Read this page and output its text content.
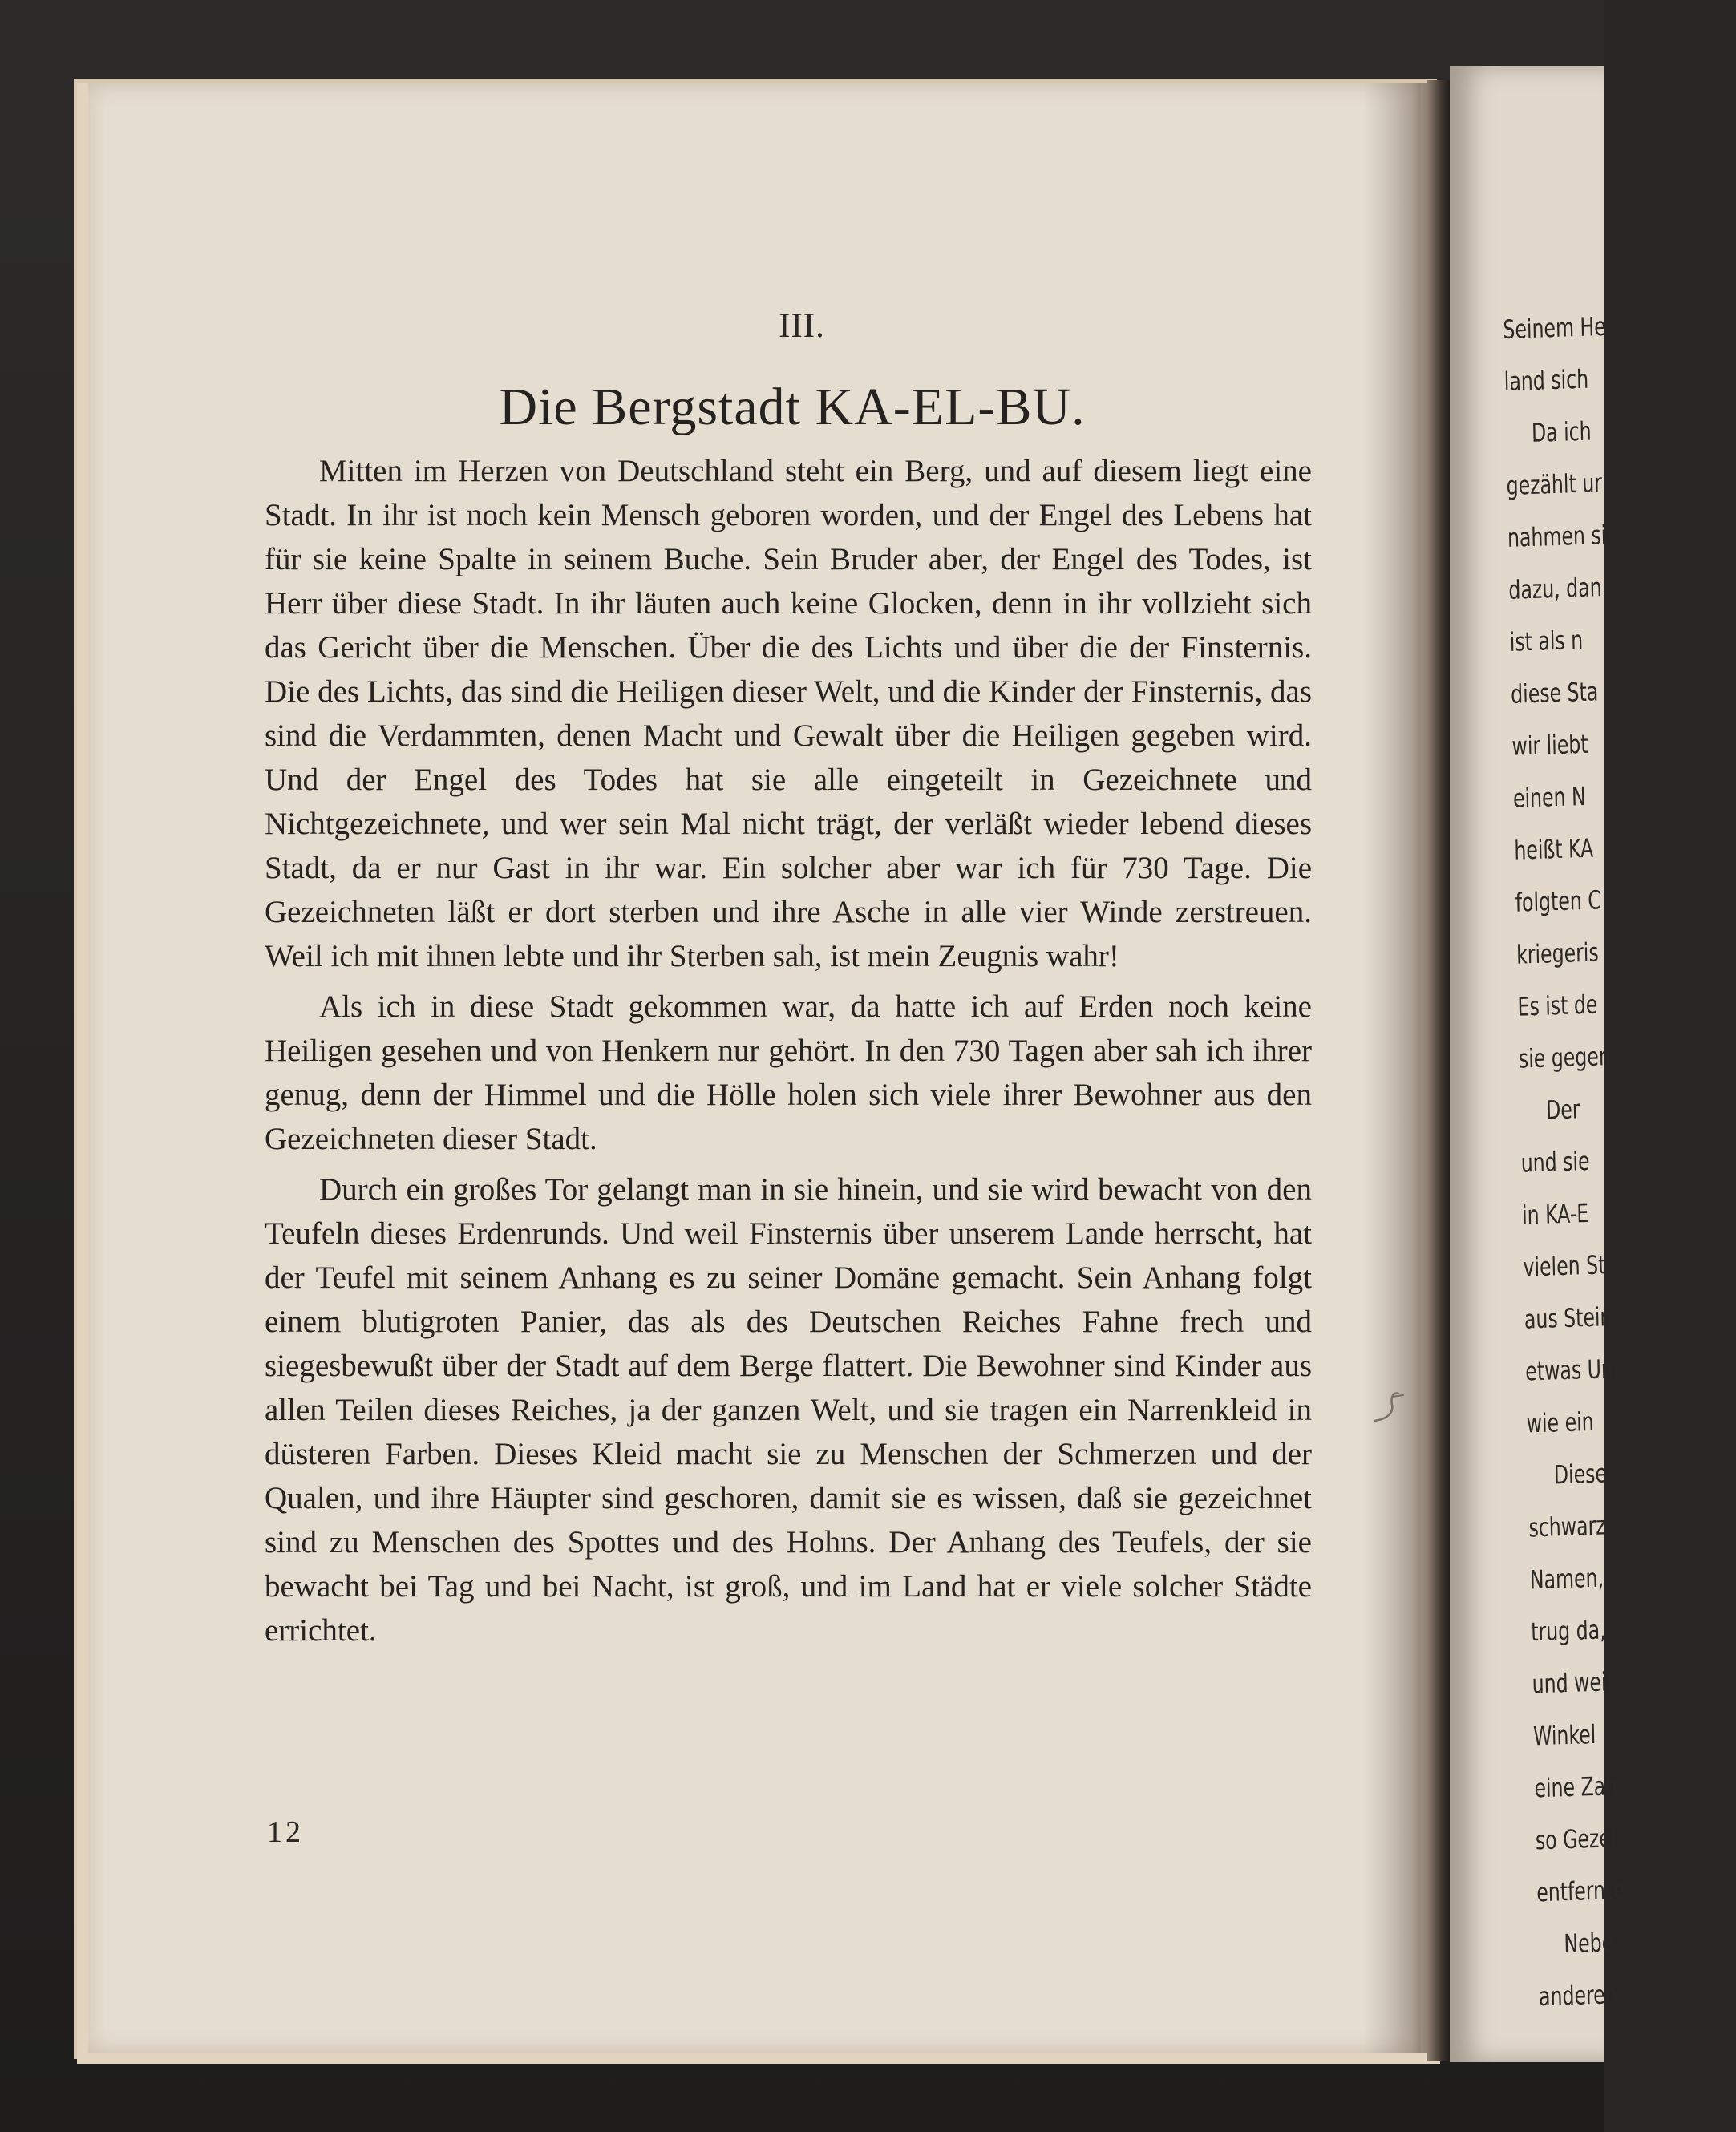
Seinem He
land sich
Da ich
gezählt ur
nahmen si
dazu, dan
ist als n
diese Sta
wir liebt
einen N
heißt KA
folgten C
kriegeris
Es ist de
sie gegen
Der
und sie
in KA-E
vielen St
aus Stein
etwas Un
wie ein
Diese
schwarz,
Namen,
trug da,
und weil
Winkel
eine Zah
so Gezei
entfernte
Nebe
anderen
III.
Die Bergstadt KA-EL-BU.

Mitten im Herzen von Deutschland steht ein Berg, und auf diesem liegt eine Stadt. In ihr ist noch kein Mensch geboren worden, und der Engel des Lebens hat für sie keine Spalte in seinem Buche. Sein Bruder aber, der Engel des Todes, ist Herr über diese Stadt. In ihr läuten auch keine Glocken, denn in ihr vollzieht sich das Gericht über die Menschen. Über die des Lichts und über die der Finsternis. Die des Lichts, das sind die Heiligen dieser Welt, und die Kinder der Finsternis, das sind die Verdammten, denen Macht und Gewalt über die Heiligen gegeben wird. Und der Engel des Todes hat sie alle eingeteilt in Gezeichnete und Nichtgezeichnete, und wer sein Mal nicht trägt, der verläßt wieder lebend dieses Stadt, da er nur Gast in ihr war. Ein solcher aber war ich für 730 Tage. Die Gezeichneten läßt er dort sterben und ihre Asche in alle vier Winde zerstreuen. Weil ich mit ihnen lebte und ihr Sterben sah, ist mein Zeugnis wahr!

Als ich in diese Stadt gekommen war, da hatte ich auf Erden noch keine Heiligen gesehen und von Henkern nur gehört. In den 730 Tagen aber sah ich ihrer genug, denn der Himmel und die Hölle holen sich viele ihrer Bewohner aus den Gezeichneten dieser Stadt.

Durch ein großes Tor gelangt man in sie hinein, und sie wird bewacht von den Teufeln dieses Erdenrunds. Und weil Finsternis über unserem Lande herrscht, hat der Teufel mit seinem Anhang es zu seiner Domäne gemacht. Sein Anhang folgt einem blutigroten Panier, das als des Deutschen Reiches Fahne frech und siegesbewußt über der Stadt auf dem Berge flattert. Die Bewohner sind Kinder aus allen Teilen dieses Reiches, ja der ganzen Welt, und sie tragen ein Narrenkleid in düsteren Farben. Dieses Kleid macht sie zu Menschen der Schmerzen und der Qualen, und ihre Häupter sind geschoren, damit sie es wissen, daß sie gezeichnet sind zu Menschen des Spottes und des Hohns. Der Anhang des Teufels, der sie bewacht bei Tag und bei Nacht, ist groß, und im Land hat er viele solcher Städte errichtet.

12
